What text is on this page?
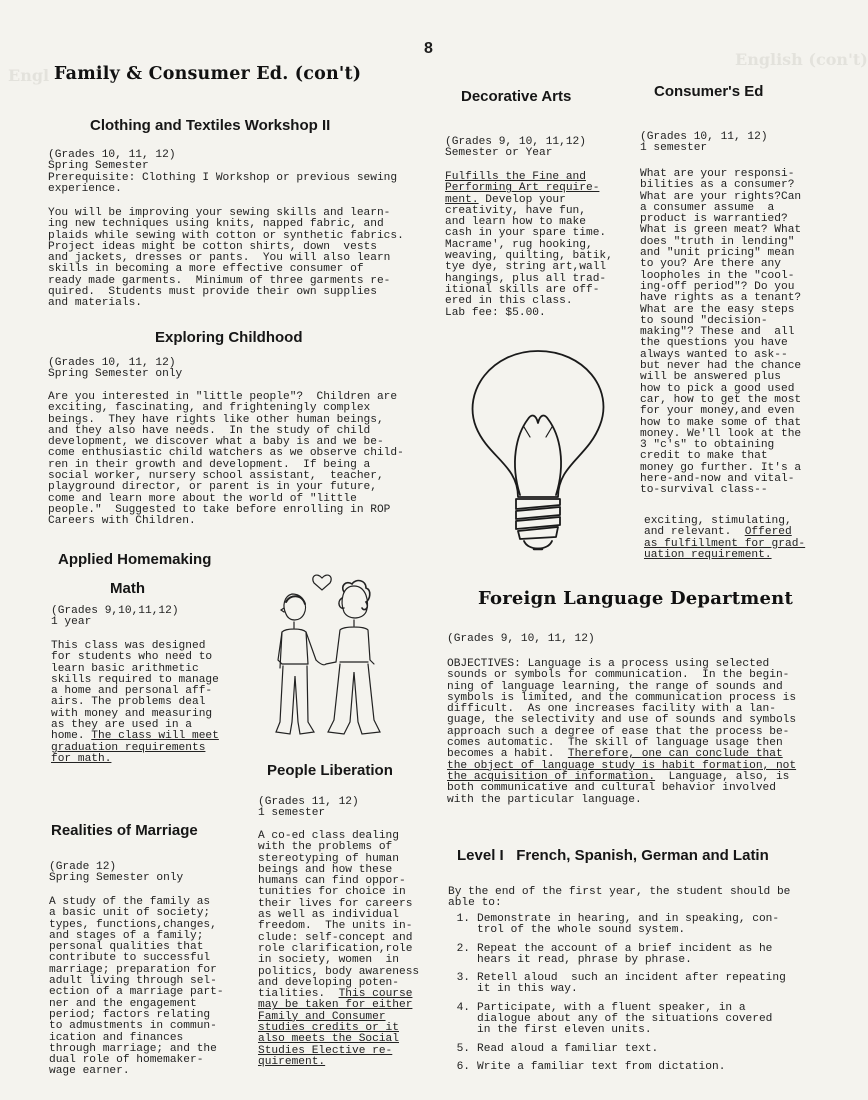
Engl
English (con't)
8
Family & Consumer Ed. (con't)
Clothing and Textiles Workshop II
(Grades 10, 11, 12)
Spring Semester
Prerequisite: Clothing I Workshop or previous sewing
experience.
You will be improving your sewing skills and learn-
ing new techniques using knits, napped fabric, and
plaids while sewing with cotton or synthetic fabrics.
Project ideas might be cotton shirts, down  vests
and jackets, dresses or pants.  You will also learn
skills in becoming a more effective consumer of
ready made garments.  Minimum of three garments re-
quired.  Students must provide their own supplies
and materials.
Exploring Childhood
(Grades 10, 11, 12)
Spring Semester only
Are you interested in "little people"?  Children are
exciting, fascinating, and frighteningly complex
beings.  They have rights like other human beings,
and they also have needs.  In the study of child
development, we discover what a baby is and we be-
come enthusiastic child watchers as we observe child-
ren in their growth and development.  If being a
social worker, nursery school assistant,  teacher,
playground director, or parent is in your future,
come and learn more about the world of "little
people."  Suggested to take before enrolling in ROP
Careers with Children.
Applied Homemaking
Math
(Grades 9,10,11,12)
1 year
This class was designed
for students who need to
learn basic arithmetic
skills required to manage
a home and personal aff-
airs. The problems deal
with money and measuring
as they are used in a
home. The class will meet
graduation requirements
for math.
People Liberation
(Grades 11, 12)
1 semester
A co-ed class dealing
with the problems of
stereotyping of human
beings and how these
humans can find oppor-
tunities for choice in
their lives for careers
as well as individual
freedom.  The units in-
clude: self-concept and
role clarification,role
in society, women  in
politics, body awareness
and developing poten-
tialities.  This course
may be taken for either
Family and Consumer
studies credits or it
also meets the Social
Studies Elective re-
quirement.
Realities of Marriage
(Grade 12)
Spring Semester only
A study of the family as
a basic unit of society;
types, functions,changes,
and stages of a family;
personal qualities that
contribute to successful
marriage; preparation for
adult living through sel-
ection of a marriage part-
ner and the engagement
period; factors relating
to admustments in commun-
ication and finances
through marriage; and the
dual role of homemaker-
wage earner.
Decorative Arts
(Grades 9, 10, 11,12)
Semester or Year
Fulfills the Fine and
Performing Art require-
ment. Develop your
creativity, have fun,
and learn how to make
cash in your spare time.
Macrame', rug hooking,
weaving, quilting, batik,
tye dye, string art,wall
hangings, plus all trad-
itional skills are off-
ered in this class.
Lab fee: $5.00.
Consumer's Ed
(Grades 10, 11, 12)
1 semester
What are your responsi-
bilities as a consumer?
What are your rights?Can
a consumer assume  a
product is warrantied?
What is green meat? What
does "truth in lending"
and "unit pricing" mean
to you? Are there any
loopholes in the "cool-
ing-off period"? Do you
have rights as a tenant?
What are the easy steps
to sound "decision-
making"? These and  all
the questions you have
always wanted to ask--
but never had the chance
will be answered plus
how to pick a good used
car, how to get the most
for your money,and even
how to make some of that
money. We'll look at the
3 "c's" to obtaining
credit to make that
money go further. It's a
here-and-now and vital-
to-survival class--
exciting, stimulating,
and relevant.  Offered
as fulfillment for grad-
uation requirement.
Foreign Language Department
(Grades 9, 10, 11, 12)
OBJECTIVES: Language is a process using selected
sounds or symbols for communication.  In the begin-
ning of language learning, the range of sounds and
symbols is limited, and the communication process is
difficult.  As one increases facility with a lan-
guage, the selectivity and use of sounds and symbols
approach such a degree of ease that the process be-
comes automatic.  The skill of language usage then
becomes a habit.  Therefore, one can conclude that
the object of language study is habit formation, not
the acquisition of information.  Language, also, is
both communicative and cultural behavior involved
with the particular language.
Level I French, Spanish, German and Latin
By the end of the first year, the student should be
able to:
1. Demonstrate in hearing, and in speaking, con-
trol of the whole sound system.
2. Repeat the account of a brief incident as he
hears it read, phrase by phrase.
3. Retell aloud  such an incident after repeating
it in this way.
4. Participate, with a fluent speaker, in a
dialogue about any of the situations covered
in the first eleven units.
5. Read aloud a familiar text.
6. Write a familiar text from dictation.
